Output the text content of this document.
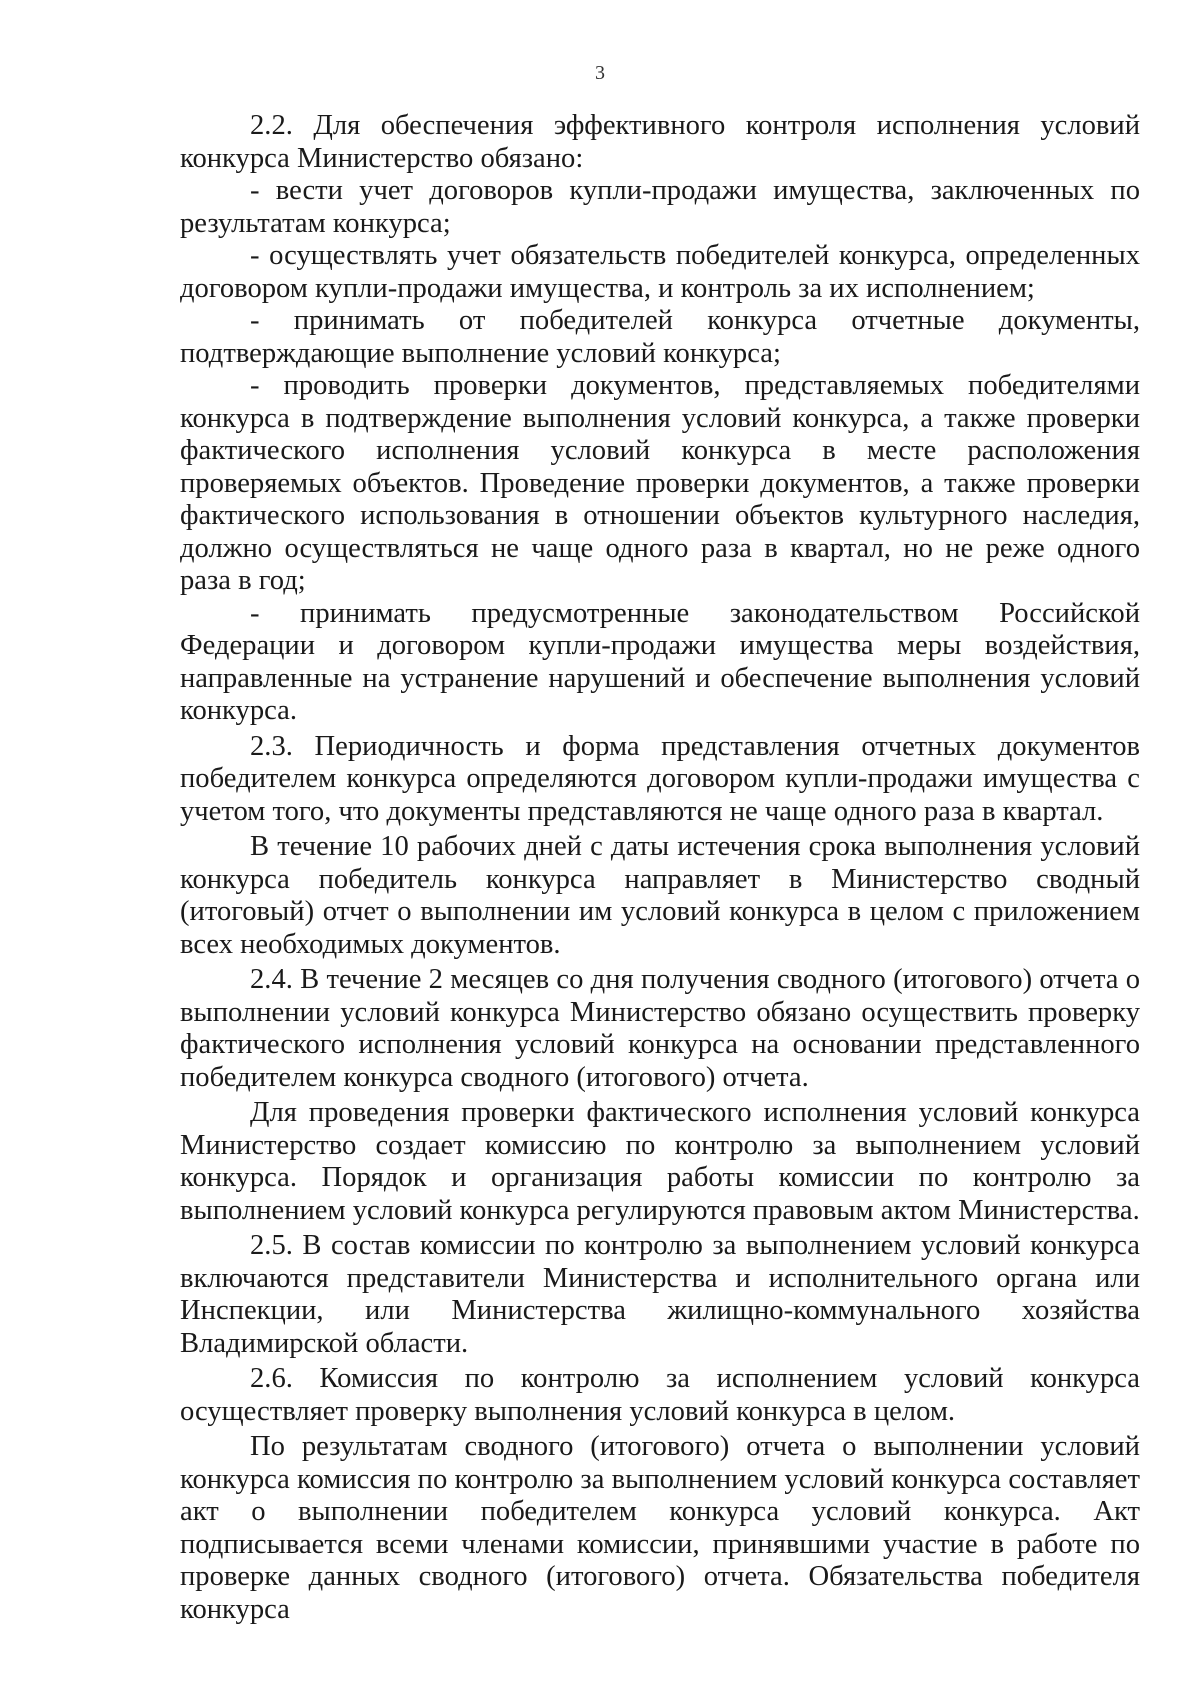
3

2.2. Для обеспечения эффективного контроля исполнения условий конкурса Министерство обязано:

- вести учет договоров купли-продажи имущества, заключенных по результатам конкурса;

- осуществлять учет обязательств победителей конкурса, определенных договором купли-продажи имущества, и контроль за их исполнением;

- принимать от победителей конкурса отчетные документы, подтверждающие выполнение условий конкурса;

- проводить проверки документов, представляемых победителями конкурса в подтверждение выполнения условий конкурса, а также проверки фактического исполнения условий конкурса в месте расположения проверяемых объектов. Проведение проверки документов, а также проверки фактического использования в отношении объектов культурного наследия, должно осуществляться не чаще одного раза в квартал, но не реже одного раза в год;

- принимать предусмотренные законодательством Российской Федерации и договором купли-продажи имущества меры воздействия, направленные на устранение нарушений и обеспечение выполнения условий конкурса.

2.3. Периодичность и форма представления отчетных документов победителем конкурса определяются договором купли-продажи имущества с учетом того, что документы представляются не чаще одного раза в квартал.

В течение 10 рабочих дней с даты истечения срока выполнения условий конкурса победитель конкурса направляет в Министерство сводный (итоговый) отчет о выполнении им условий конкурса в целом с приложением всех необходимых документов.

2.4. В течение 2 месяцев со дня получения сводного (итогового) отчета о выполнении условий конкурса Министерство обязано осуществить проверку фактического исполнения условий конкурса на основании представленного победителем конкурса сводного (итогового) отчета.

Для проведения проверки фактического исполнения условий конкурса Министерство создает комиссию по контролю за выполнением условий конкурса. Порядок и организация работы комиссии по контролю за выполнением условий конкурса регулируются правовым актом Министерства.

2.5. В состав комиссии по контролю за выполнением условий конкурса включаются представители Министерства и исполнительного органа или Инспекции, или Министерства жилищно-коммунального хозяйства Владимирской области.

2.6. Комиссия по контролю за исполнением условий конкурса осуществляет проверку выполнения условий конкурса в целом.

По результатам сводного (итогового) отчета о выполнении условий конкурса комиссия по контролю за выполнением условий конкурса составляет акт о выполнении победителем конкурса условий конкурса. Акт подписывается всеми членами комиссии, принявшими участие в работе по проверке данных сводного (итогового) отчета. Обязательства победителя конкурса
